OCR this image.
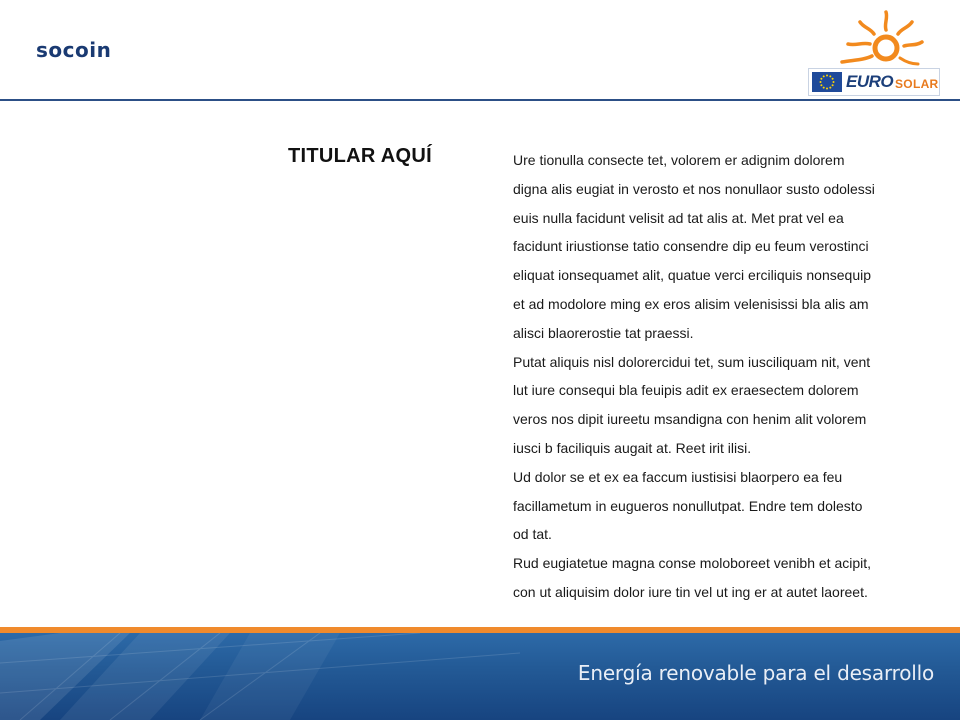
socoin
EURO SOLAR
TITULAR AQUÍ	Ure tionulla consecte tet, volorem er adignim dolorem

digna alis eugiat in verosto et nos nonullaor susto odolessi

euis nulla facidunt velisit ad tat alis at. Met prat vel ea

facidunt iriustionse tatio consendre dip eu feum verostinci

eliquat ionsequamet alit, quatue verci erciliquis nonsequip

et ad modolore ming ex eros alisim velenisissi bla alis am

alisci blaorerostie tat praessi.

Putat aliquis nisl dolorercidui tet, sum iusciliquam nit, vent

lut iure consequi bla feuipis adit ex eraesectem dolorem

veros nos dipit iureetu msandigna con henim alit volorem

iusci b faciliquis augait at. Reet irit ilisi.

Ud dolor se et ex ea faccum iustisisi blaorpero ea feu

facillametum in eugueros nonullutpat. Endre tem dolesto

od tat.

Rud eugiatetue magna conse moloboreet venibh et acipit,

con ut aliquisim dolor iure tin vel ut ing er at autet laoreet.

Energía renovable para el desarrollo
